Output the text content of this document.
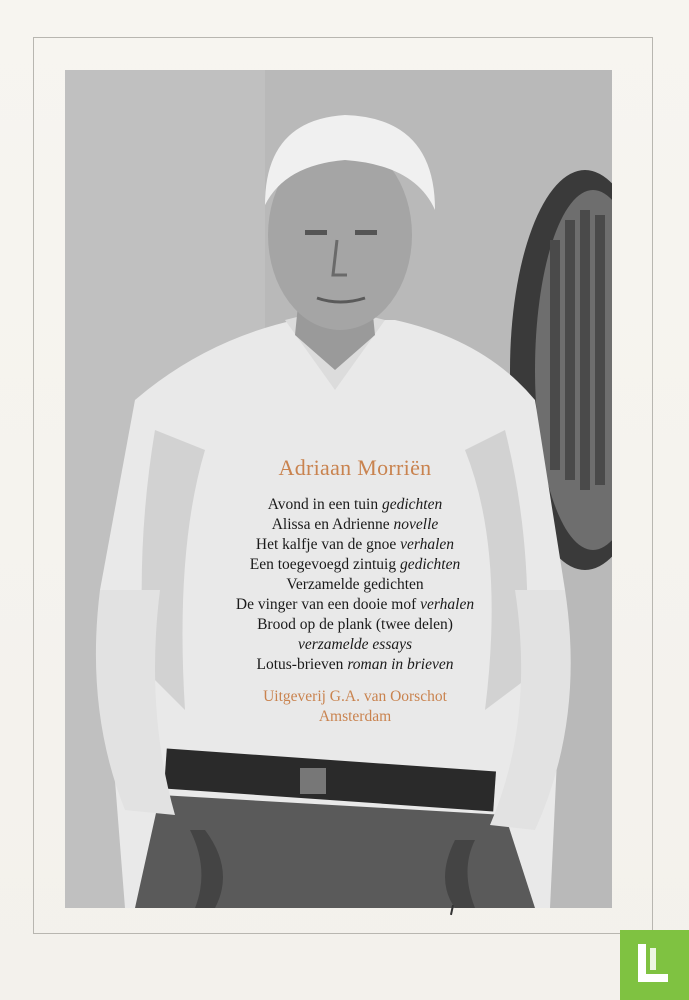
Adriaan Morriën
Avond in een tuin gedichten
Alissa en Adrienne novelle
Het kalfje van de gnoe verhalen
Een toegevoegd zintuig gedichten
Verzamelde gedichten
De vinger van een dooie mof verhalen
Brood op de plank (twee delen)
verzamelde essays
Lotus-brieven roman in brieven
Uitgeverij G.A. van Oorschot
Amsterdam
